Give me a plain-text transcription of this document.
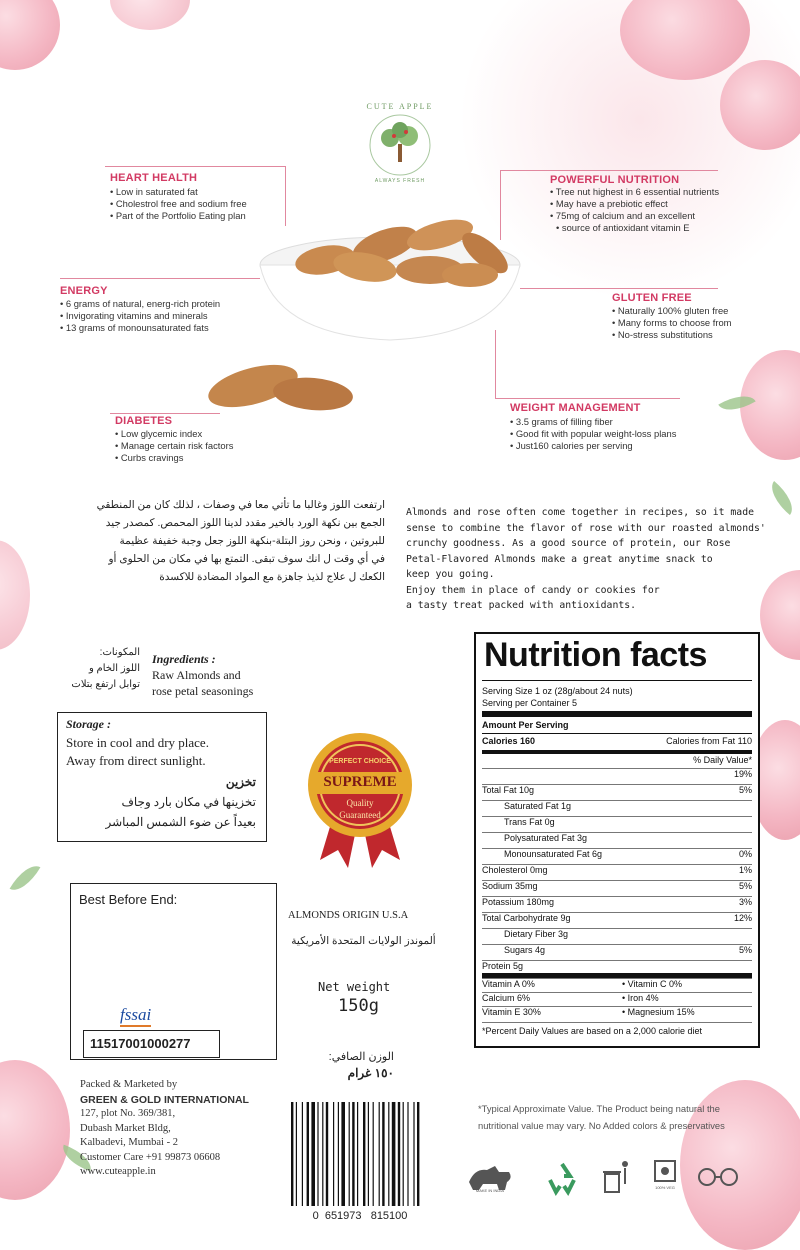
CUTE APPLE
ALWAYS FRESH
HEART HEALTH
• Low in saturated fat
• Cholestrol free and sodium free
• Part of the Portfolio Eating plan
POWERFUL NUTRITION
• Tree nut highest in 6 essential nutrients
• May have a prebiotic effect
• 75mg of calcium and an excellent
• source of antioxidant vitamin E
ENERGY
• 6 grams of natural, energ-rich protein
• Invigorating vitamins and minerals
• 13 grams of monounsaturated fats
GLUTEN FREE
• Naturally 100% gluten free
• Many forms to choose from
• No-stress substitutions
DIABETES
• Low glycemic index
• Manage certain risk factors
• Curbs cravings
WEIGHT MANAGEMENT
• 3.5 grams of filling fiber
• Good fit with popular weight-loss plans
• Just160 calories per serving
ارتفعت اللوز وغالبا ما تأتي معا في وصفات ، لذلك كان من المنطقي
الجمع بين نكهة الورد بالخير مقدد لدينا اللوز المحمص. كمصدر جيد
للبروتين ، ونحن روز البتلة-بنكهة اللوز جعل وجبة خفيفة عظيمة
في أي وقت ل انك سوف تبقى. التمتع بها في مكان من الحلوى أو
الكعك ل علاج لذيذ جاهزة مع المواد المضادة للاكسدة
Almonds and rose often come together in recipes, so it made
sense to combine the flavor of rose with our roasted almonds'
crunchy goodness. As a good source of protein, our Rose
Petal-Flavored Almonds make a great anytime snack to
keep you going.
Enjoy them in place of candy or cookies for
a tasty treat packed with antioxidants.
المكونات:
اللوز الخام و
توابل ارتفع بتلات
Ingredients :
Raw Almonds and
rose petal seasonings
Storage :
Store in cool and dry place.
Away from direct sunlight.
تخزين
تخزينها في مكان بارد وجاف
بعيداً عن ضوء الشمس المباشر
Best Before End:
fssai
11517001000277
PERFECT CHOICE
SUPREME
Quality
Guaranteed
ALMONDS ORIGIN U.S.A
ألموندز الولايات المتحدة الأمريكية
Net weight
150g
الوزن الصافي:
١٥٠ غرام
Packed & Marketed by
GREEN & GOLD INTERNATIONAL
127, plot No. 369/381,
Dubash Market Bldg,
Kalbadevi, Mumbai - 2
Customer Care +91 99873 06608
www.cuteapple.in
0  651973   815100
Nutrition facts
Serving Size 1 oz (28g/about 24 nuts)
Serving per Container 5
Amount Per Serving
Calories 160	Calories from Fat 110
% Daily Value*
19%
Total Fat 10g	5%
Saturated Fat 1g
Trans Fat 0g
Polysaturated Fat 3g
Monounsaturated Fat 6g	0%
Cholesterol 0mg	1%
Sodium 35mg	5%
Potassium 180mg	3%
Total Carbohydrate 9g	12%
Dietary Fiber 3g
Sugars 4g	5%
Protein 5g
Vitamin A 0%	• Vitamin C 0%
Calcium 6%	• Iron 4%
Vitamin E 30%	• Magnesium 15%
*Percent Daily Values are based on a 2,000 calorie diet
*Typical Approximate Value. The Product being natural the
nutritional value may vary. No Added colors & preservatives
MAKE IN INDIA
100% VEG
